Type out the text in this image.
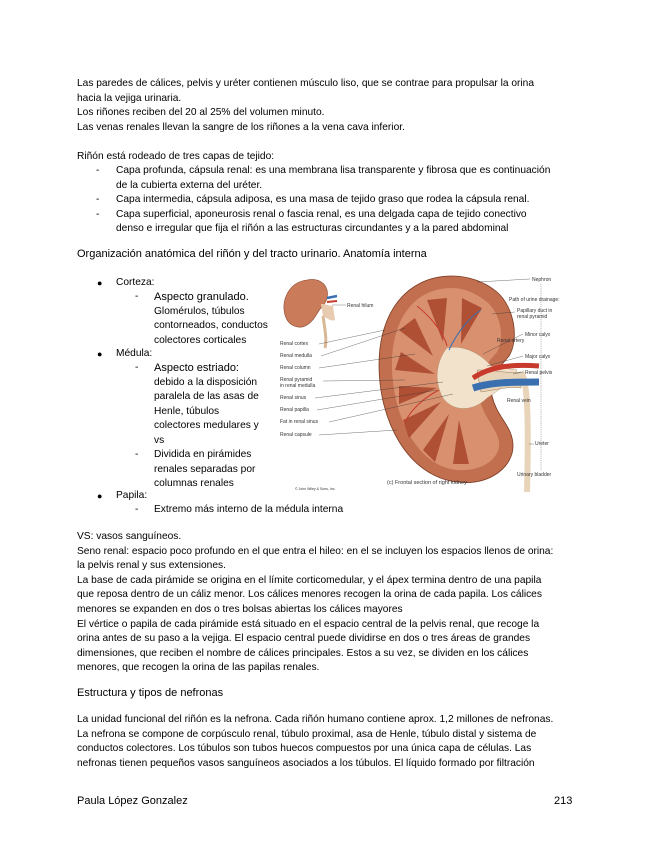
Las paredes de cálices, pelvis y uréter contienen músculo liso, que se contrae para propulsar la orina

hacia la vejiga urinaria.

Los riñones reciben del 20 al 25% del volumen minuto.

Las venas renales llevan la sangre de los riñones a la vena cava inferior.

Riñón está rodeado de tres capas de tejido:

- Capa profunda, cápsula renal: es una membrana lisa transparente y fibrosa que es continuación
de la cubierta externa del uréter.
- Capa intermedia, cápsula adiposa, es una masa de tejido graso que rodea la cápsula renal.
- Capa superficial, aponeurosis renal o fascia renal, es una delgada capa de tejido conectivo
denso e irregular que fija el riñón a las estructuras circundantes y a la pared abdominal
Organización anatómica del riñón y del tracto urinario. Anatomía interna
● Corteza:
- Aspecto granulado.
Glomérulos, túbulos
contorneados, conductos
colectores corticales
● Médula:
- Aspecto estriado:
debido a la disposición
paralela de las asas de
Henle, túbulos
colectores medulares y
vs
- Dividida en pirámides
renales separadas por
columnas renales
● Papila:
- Extremo más interno de la médula interna
Renal hilum
Renal cortex
Renal medulla
Renal column
Renal pyramid
in renal medulla
Renal sinus
Renal papilla
Fat in renal sinus
Renal capsule
Nephron
Path of urine drainage:
Papillary duct in
renal pyramid
Minor calyx
Major calyx
Renal pelvis
Ureter
Urinary bladder
Renal artery
Renal vein
(c) Frontal section of right kidney
© John Wiley & Sons, Inc.

VS: vasos sanguíneos.

Seno renal: espacio poco profundo en el que entra el hileo: en el se incluyen los espacios llenos de orina:

la pelvis renal y sus extensiones.

La base de cada pirámide se origina en el límite corticomedular, y el ápex termina dentro de una papila

que reposa dentro de un cáliz menor. Los cálices menores recogen la orina de cada papila. Los cálices

menores se expanden en dos o tres bolsas abiertas los cálices mayores

El vértice o papila de cada pirámide está situado en el espacio central de la pelvis renal, que recoge la

orina antes de su paso a la vejiga. El espacio central puede dividirse en dos o tres áreas de grandes

dimensiones, que reciben el nombre de cálices principales. Estos a su vez, se dividen en los cálices

menores, que recogen la orina de las papilas renales.

Estructura y tipos de nefronas

La unidad funcional del riñón es la nefrona. Cada riñón humano contiene aprox. 1,2 millones de nefronas.

La nefrona se compone de corpúsculo renal, túbulo proximal, asa de Henle, túbulo distal y sistema de

conductos colectores. Los túbulos son tubos huecos compuestos por una única capa de células. Las

nefronas tienen pequeños vasos sanguíneos asociados a los túbulos. El líquido formado por filtración

Paula López Gonzalez	213
